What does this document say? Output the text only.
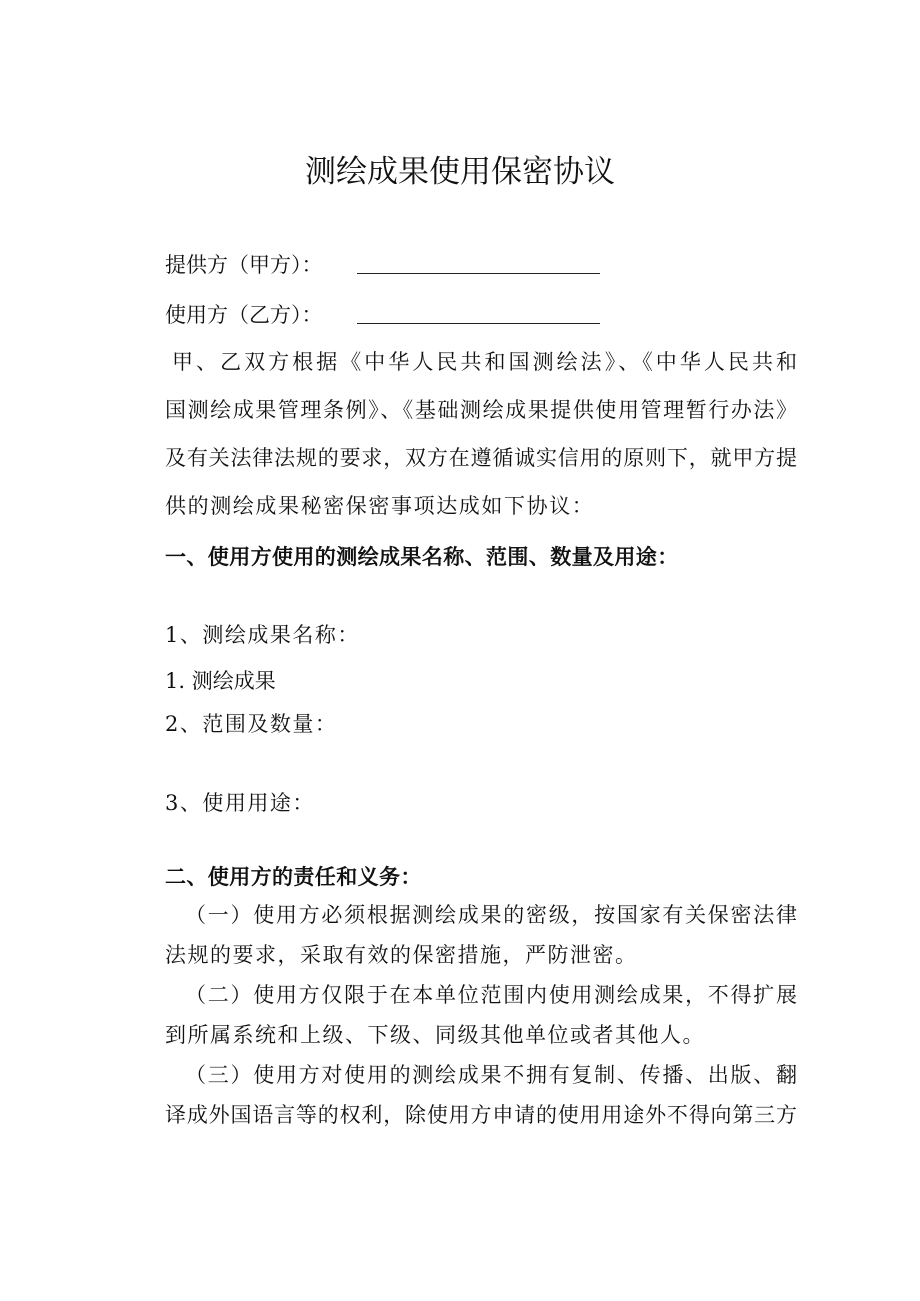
测绘成果使用保密协议
提供方（甲方）：
使用方（乙方）：
甲、乙双方根据《中华人民共和国测绘法》、《中华人民共和
国测绘成果管理条例》、《基础测绘成果提供使用管理暂行办法》
及有关法律法规的要求，双方在遵循诚实信用的原则下，就甲方提
供的测绘成果秘密保密事项达成如下协议：
一、使用方使用的测绘成果名称、范围、数量及用途：
1、测绘成果名称：
1. 测绘成果
2、范围及数量：
3、使用用途：
二、使用方的责任和义务：
（一）使用方必须根据测绘成果的密级，按国家有关保密法律
法规的要求，采取有效的保密措施，严防泄密。
（二）使用方仅限于在本单位范围内使用测绘成果，不得扩展
到所属系统和上级、下级、同级其他单位或者其他人。
（三）使用方对使用的测绘成果不拥有复制、传播、出版、翻
译成外国语言等的权利，除使用方申请的使用用途外不得向第三方
